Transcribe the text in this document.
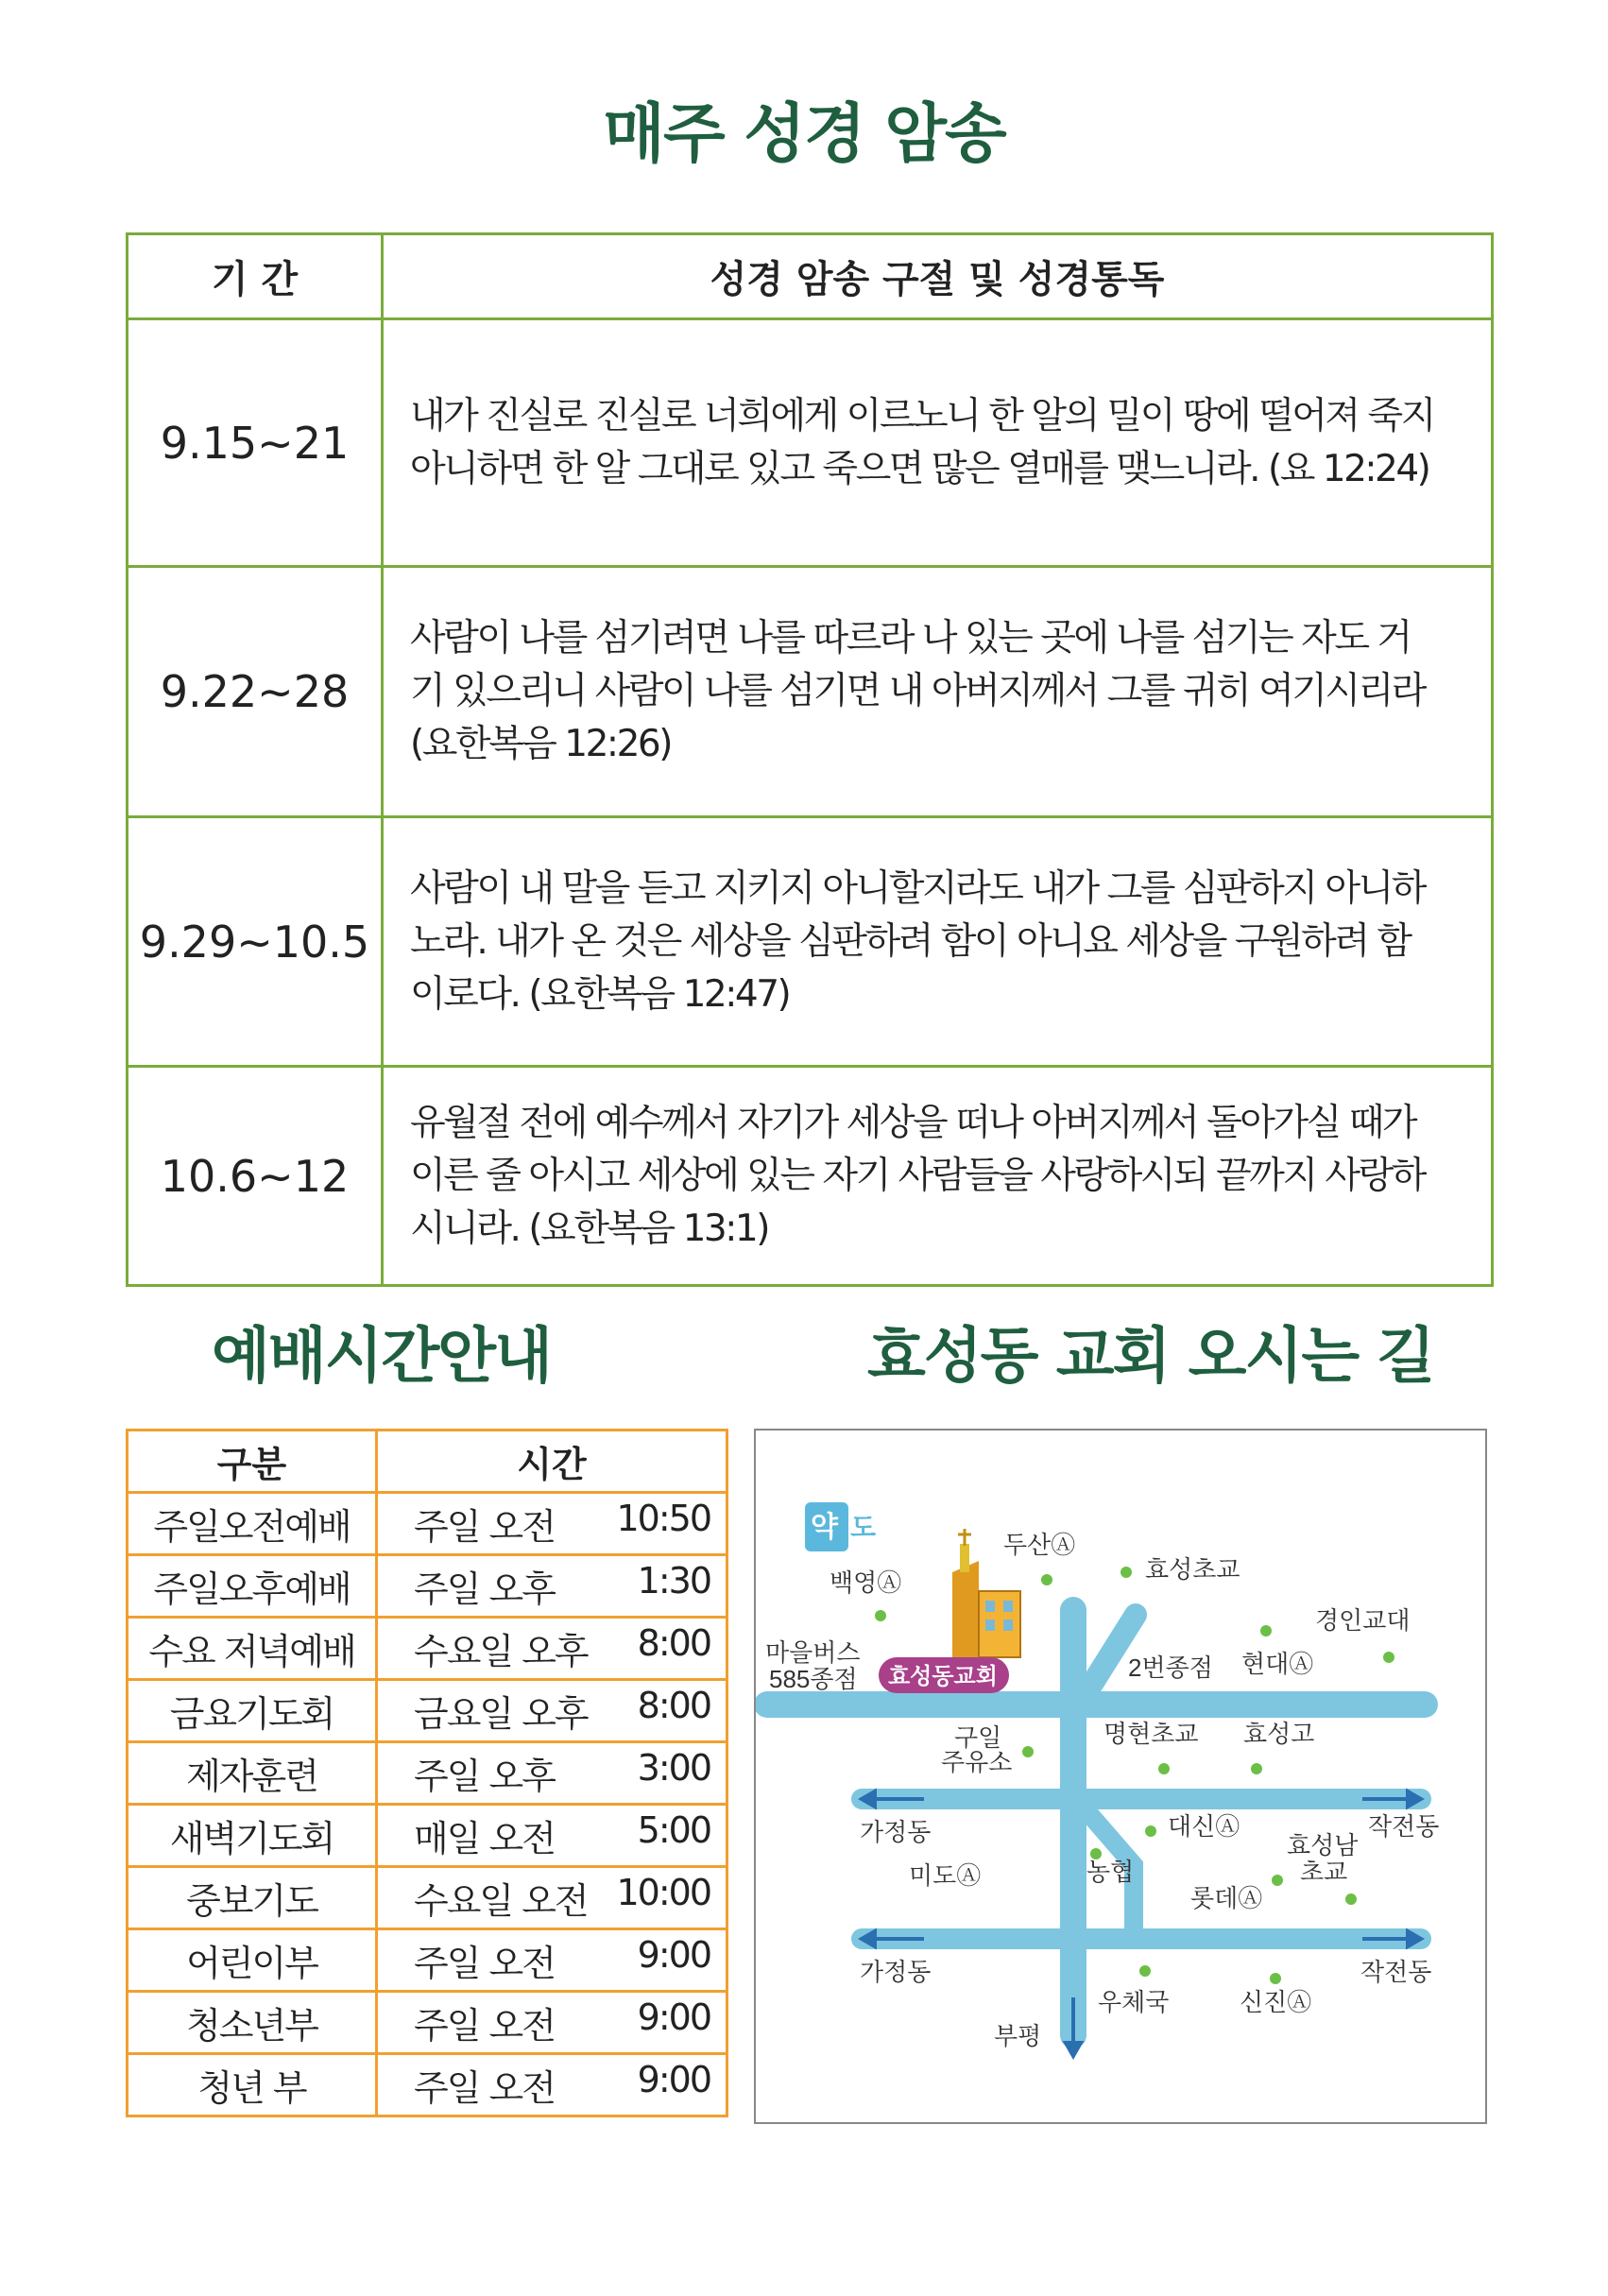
매주 성경 암송
기 간	성경 암송 구절 및 성경통독
9.15~21	내가 진실로 진실로 너희에게 이르노니 한 알의 밀이 땅에 떨어져 죽지
아니하면 한 알 그대로 있고 죽으면 많은 열매를 맺느니라. (요 12:24)

9.22~28	사람이 나를 섬기려면 나를 따르라 나 있는 곳에 나를 섬기는 자도 거
기 있으리니 사람이 나를 섬기면 내 아버지께서 그를 귀히 여기시리라
(요한복음 12:26)

9.29~10.5	사람이 내 말을 듣고 지키지 아니할지라도 내가 그를 심판하지 아니하
노라. 내가 온 것은 세상을 심판하려 함이 아니요 세상을 구원하려 함
이로다. (요한복음 12:47)

10.6~12	유월절 전에 예수께서 자기가 세상을 떠나 아버지께서 돌아가실 때가
이른 줄 아시고 세상에 있는 자기 사람들을 사랑하시되 끝까지 사랑하
시니라. (요한복음 13:1)
예배시간안내	효성동 교회 오시는 길
구분	시간
주일오전예배	주일 오전 10:50

주일오후예배	주일 오후 1:30

수요 저녁예배	수요일 오후 8:00

금요기도회	금요일 오후 8:00

제자훈련	주일 오후 3:00

새벽기도회	매일 오전 5:00

중보기도	수요일 오전 10:00

어린이부	주일 오전 9:00

청소년부	주일 오전 9:00

청년 부	주일 오전 9:00
약 도
효성동교회
두산Ⓐ
효성초교
백영Ⓐ
경인교대
마을버스
585종점	2번종점 현대Ⓐ
구일
주유소
명현초교 효성고
가정동	작전동
대신Ⓐ
효성남
초교
미도Ⓐ	농협
롯데Ⓐ
가정동	작전동
우체국	신진Ⓐ
부평
